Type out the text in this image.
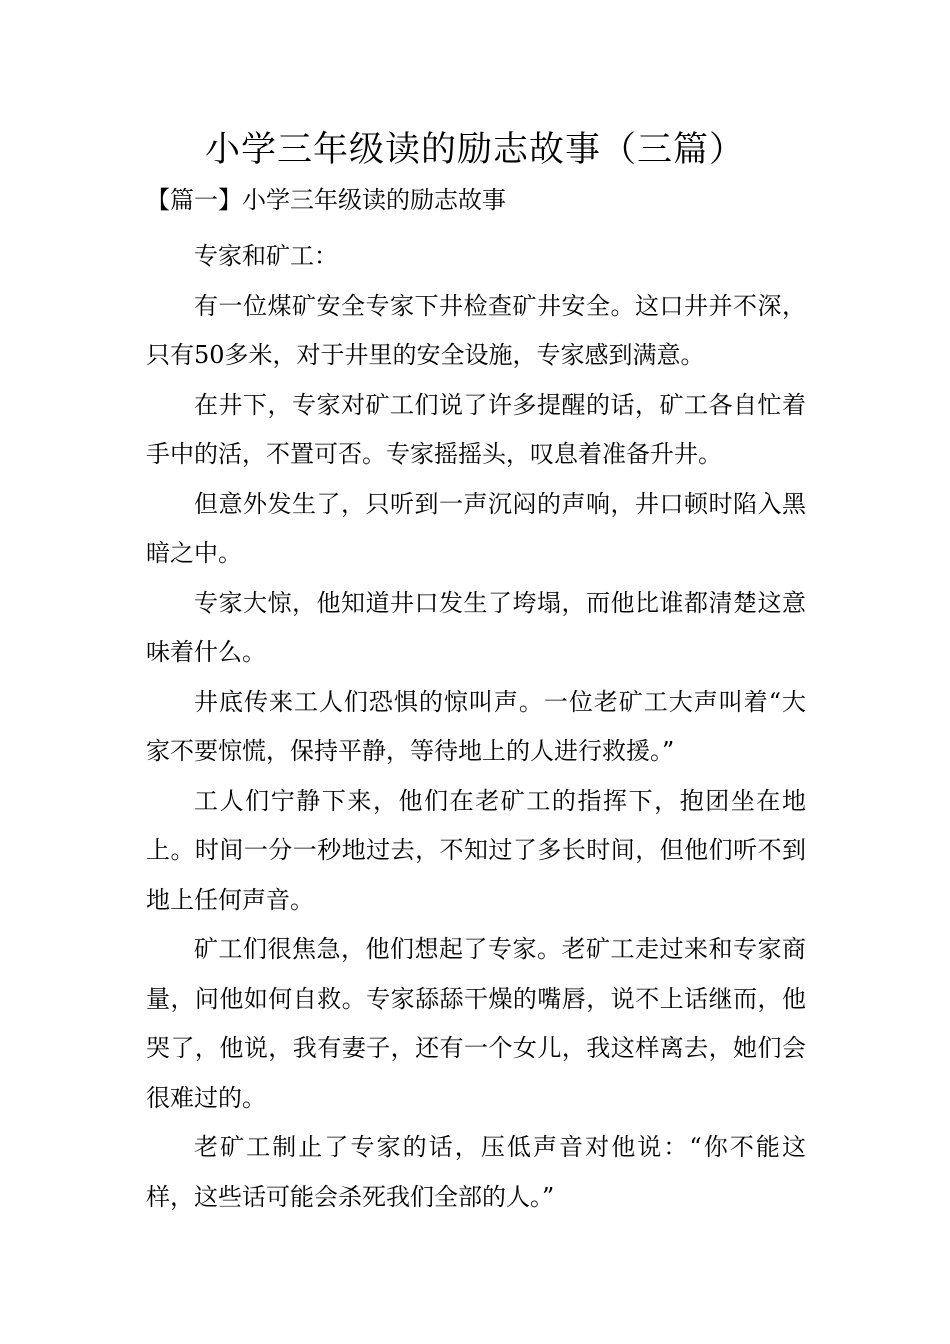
小学三年级读的励志故事（三篇）
【篇一】小学三年级读的励志故事

专家和矿工：

有一位煤矿安全专家下井检查矿井安全。这口井并不深，只有50多米，对于井里的安全设施，专家感到满意。

在井下，专家对矿工们说了许多提醒的话，矿工各自忙着手中的活，不置可否。专家摇摇头，叹息着准备升井。

但意外发生了，只听到一声沉闷的声响，井口顿时陷入黑暗之中。

专家大惊，他知道井口发生了垮塌，而他比谁都清楚这意味着什么。

井底传来工人们恐惧的惊叫声。一位老矿工大声叫着“大家不要惊慌，保持平静，等待地上的人进行救援。”

工人们宁静下来，他们在老矿工的指挥下，抱团坐在地上。时间一分一秒地过去，不知过了多长时间，但他们听不到地上任何声音。

矿工们很焦急，他们想起了专家。老矿工走过来和专家商量，问他如何自救。专家舔舔干燥的嘴唇，说不上话继而，他哭了，他说，我有妻子，还有一个女儿，我这样离去，她们会很难过的。

老矿工制止了专家的话，压低声音对他说：“你不能这样，这些话可能会杀死我们全部的人。”
